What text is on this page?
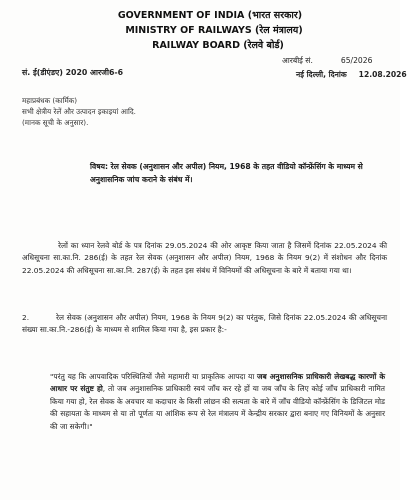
GOVERNMENT OF INDIA (भारत सरकार)
MINISTRY OF RAILWAYS (रेल मंत्रालय)
RAILWAY BOARD (रेलवे बोर्ड)
आरबीई सं.	65/2026
सं. ई(डीएंडए) 2020 आरजी6-6	नई दिल्ली, दिनांक 12.08.2026
महाप्रबंधक (कार्मिक)
सभी क्षेत्रीय रेलें और उत्पादन इकाइयां आदि.
(मानक सूची के अनुसार).
विषय: रेल सेवक (अनुशासन और अपील) नियम, 1968 के तहत वीडियो कॉन्फ्रेंसिंग के माध्यम से अनुशासनिक जांच कराने के संबंध में।
रेलों का ध्यान रेलवे बोर्ड के पत्र दिनांक 29.05.2024 की ओर आकृष्ट किया जाता है जिसमें दिनांक 22.05.2024 की अधिसूचना सा.का.नि. 286(ई) के तहत रेल सेवक (अनुशासन और अपील) नियम, 1968 के नियम 9(2) में संशोधन और दिनांक 22.05.2024 की अधिसूचना सा.का.नि. 287(ई) के तहत इस संबंध में विनियमों की अधिसूचना के बारे में बताया गया था।
2.	रेल सेवक (अनुशासन और अपील) नियम, 1968 के नियम 9(2) का परंतुक, जिसे दिनांक 22.05.2024 की अधिसूचना संख्या सा.का.नि.-286(ई) के माध्यम से शामिल किया गया है, इस प्रकार है:-
"परंतु यह कि आपवादिक परिस्थितियों जैसे महामारी या प्राकृतिक आपदा या जब अनुशासनिक प्राधिकारी लेखबद्ध कारणों के आधार पर संतुष्ट हो, तो जब अनुशासनिक प्राधिकारी स्वयं जाँच कर रहे हों या जब जाँच के लिए कोई जाँच प्राधिकारी नामित किया गया हो, रेल सेवक के अवचार या कदाचार के किसी लांछन की सत्यता के बारे में जाँच वीडियो कॉन्फ्रेंसिंग के डिजिटल मोड की सहायता के माध्यम से या तो पूर्णतः या आंशिक रूप से रेल मंत्रालय में केन्द्रीय सरकार द्वारा बनाए गए विनियमों के अनुसार की जा सकेगी।"
